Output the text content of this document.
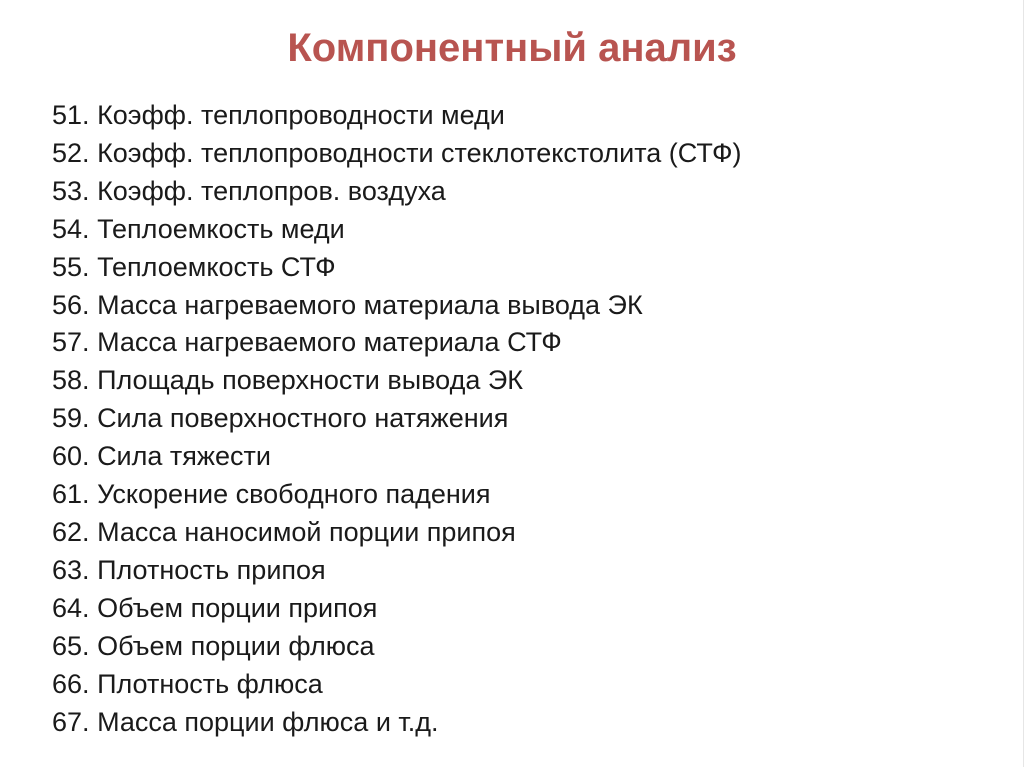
Компонентный анализ
51. Коэфф. теплопроводности меди
52. Коэфф. теплопроводности стеклотекстолита (СТФ)
53. Коэфф. теплопров. воздуха
54. Теплоемкость меди
55. Теплоемкость СТФ
56. Масса нагреваемого материала вывода ЭК
57. Масса нагреваемого материала СТФ
58. Площадь поверхности вывода ЭК
59. Сила поверхностного натяжения
60. Сила тяжести
61. Ускорение свободного падения
62. Масса наносимой порции припоя
63. Плотность припоя
64. Объем порции припоя
65. Объем порции флюса
66. Плотность флюса
67. Масса порции флюса и т.д.
